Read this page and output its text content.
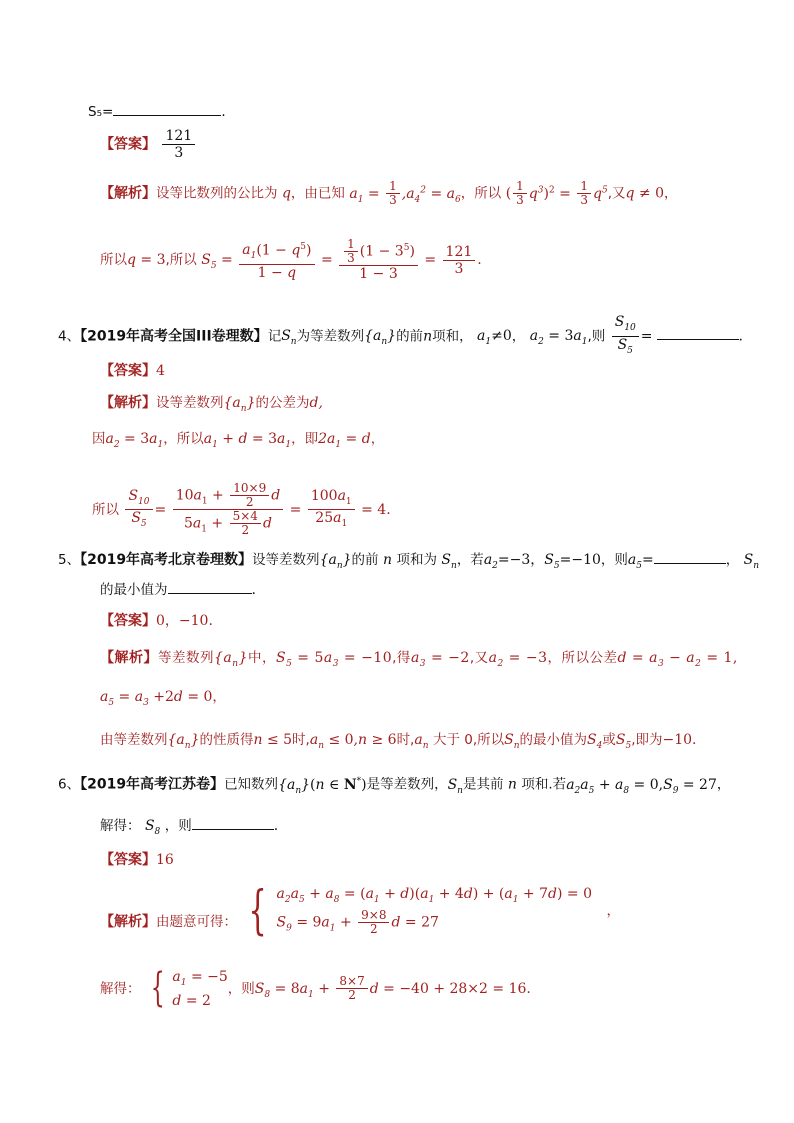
S₅=	.
【答案】 $\frac{121}{3}$
【解析】设等比数列的公比为 q，由已知 $a_1 = \frac{1}{3} ,a_4^2 = a_6$，所以 ( $\frac{1}{3} q^3)^2 = \frac{1}{3} q^5$,又q ≠ 0，
所以q = 3,所以 $S_5 = \frac{a_1(1 - q^5)}{1 - q} = \frac{\frac{1}{3} (1 - 3^5)}{1 - 3} = \frac{121}{3}$ .
4、【2019年高考全国III卷理数】记$S_n$为等差数列$\{a_n\}$的前n项和， $a_1\ne 0$， $a_2 = 3a_1$,则 $\frac{S_{10}}{S_5}$ =	.
【答案】4
【解析】设等差数列$\{a_n\}$的公差为d,
因$a_2 = 3a_1$，所以$a_1 + d = 3a_1$，即$2a_1 = d$，
所以 $\frac{S_{10}}{S_5} = \frac{10a_1 + \frac{10\times 9}{2} d}{5a_1 + \frac{5\times 4}{2} d} = \frac{100a_1}{25a_1} = 4$.
5、【2019年高考北京卷理数】设等差数列$\{a_n\}$的前 n 项和为 $S_n$，若$a_2=-3$，$S_5=-10$，则$a_5=$	， $S_n$
的最小值为	.
【答案】0，−10.
【解析】等差数列$\{a_n\}$中，$S_5 = 5a_3 = -10$,得$a_3 = -2$,又$a_2 = -3$，所以公差$d = a_3 - a_2 = 1$,
$a_5 = a_3 +2d = 0$，
由等差数列$\{a_n\}$的性质得n ≤ 5时$,a_n \le 0,n \ge 6$时$,a_n$ 大于 0,所以$S_n$的最小值为$S_4$或$S_5$,即为−10.
6、【2019年高考江苏卷】已知数列$\{a_n\}(n$ ∈ N*)是等差数列，$S_n$是其前 n 项和.若$a_2a_5 + a_8 = 0,S_9 = 27$，
解得： $S_8$ ，则	.
【答案】16
【解析】由题意可得： { $a_2a_5 + a_8 = (a_1 + d)(a_1 + 4d) + (a_1 + 7d) = 0$
$S_9 = 9a_1 + \frac{9\times 8}{2}$ d = 27
，
解得： { $a_1 = -5$
d = 2
，则$S_8 = 8a_1 + \frac{8\times 7}{2}$ d = −40 + 28×2 = 16.
